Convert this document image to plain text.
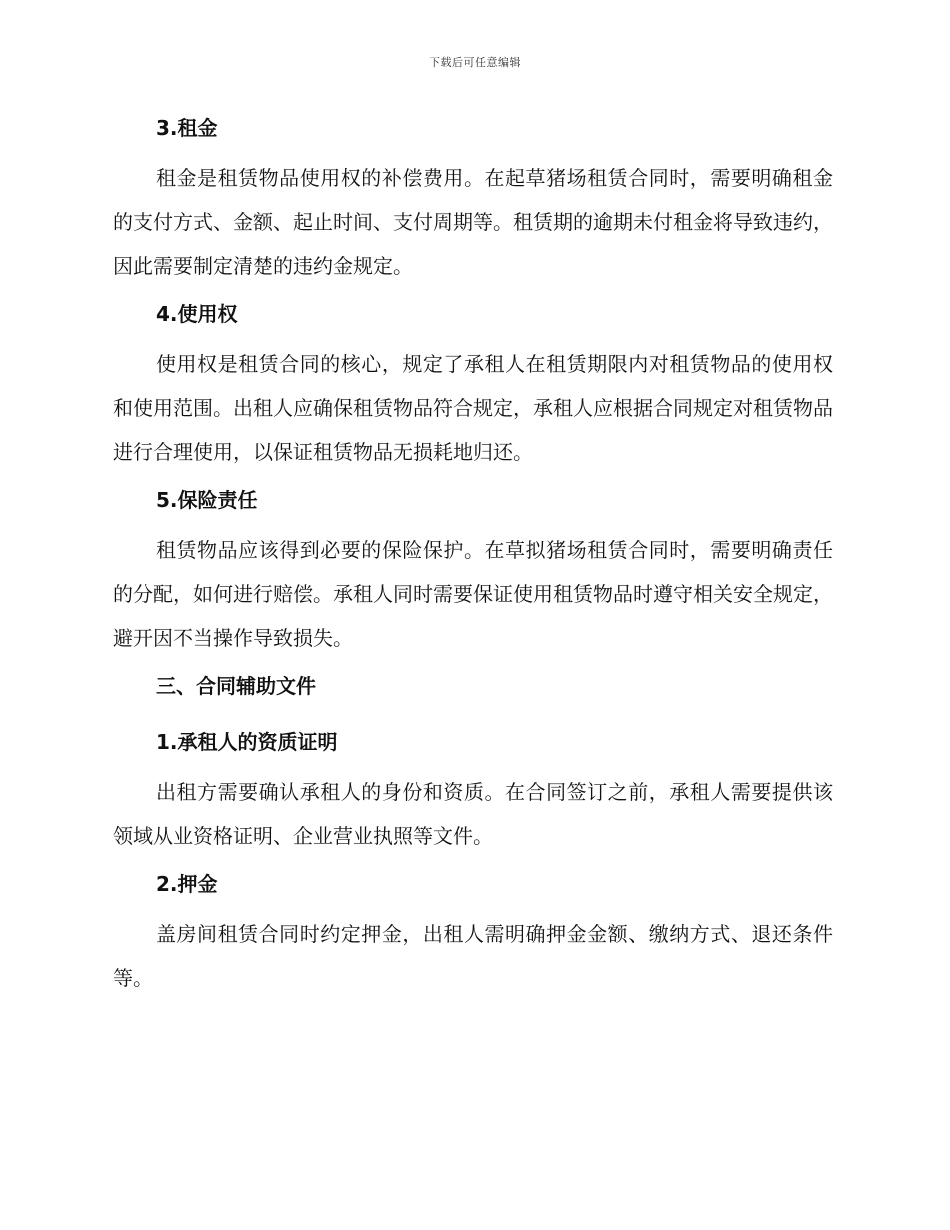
下载后可任意编辑
3.租金

租金是租赁物品使用权的补偿费用。在起草猪场租赁合同时，需要明确租金的支付方式、金额、起止时间、支付周期等。租赁期的逾期未付租金将导致违约，因此需要制定清楚的违约金规定。

4.使用权

使用权是租赁合同的核心，规定了承租人在租赁期限内对租赁物品的使用权和使用范围。出租人应确保租赁物品符合规定，承租人应根据合同规定对租赁物品进行合理使用，以保证租赁物品无损耗地归还。

5.保险责任

租赁物品应该得到必要的保险保护。在草拟猪场租赁合同时，需要明确责任的分配，如何进行赔偿。承租人同时需要保证使用租赁物品时遵守相关安全规定，避开因不当操作导致损失。

三、合同辅助文件
1.承租人的资质证明

出租方需要确认承租人的身份和资质。在合同签订之前，承租人需要提供该领域从业资格证明、企业营业执照等文件。

2.押金

盖房间租赁合同时约定押金，出租人需明确押金金额、缴纳方式、退还条件等。
